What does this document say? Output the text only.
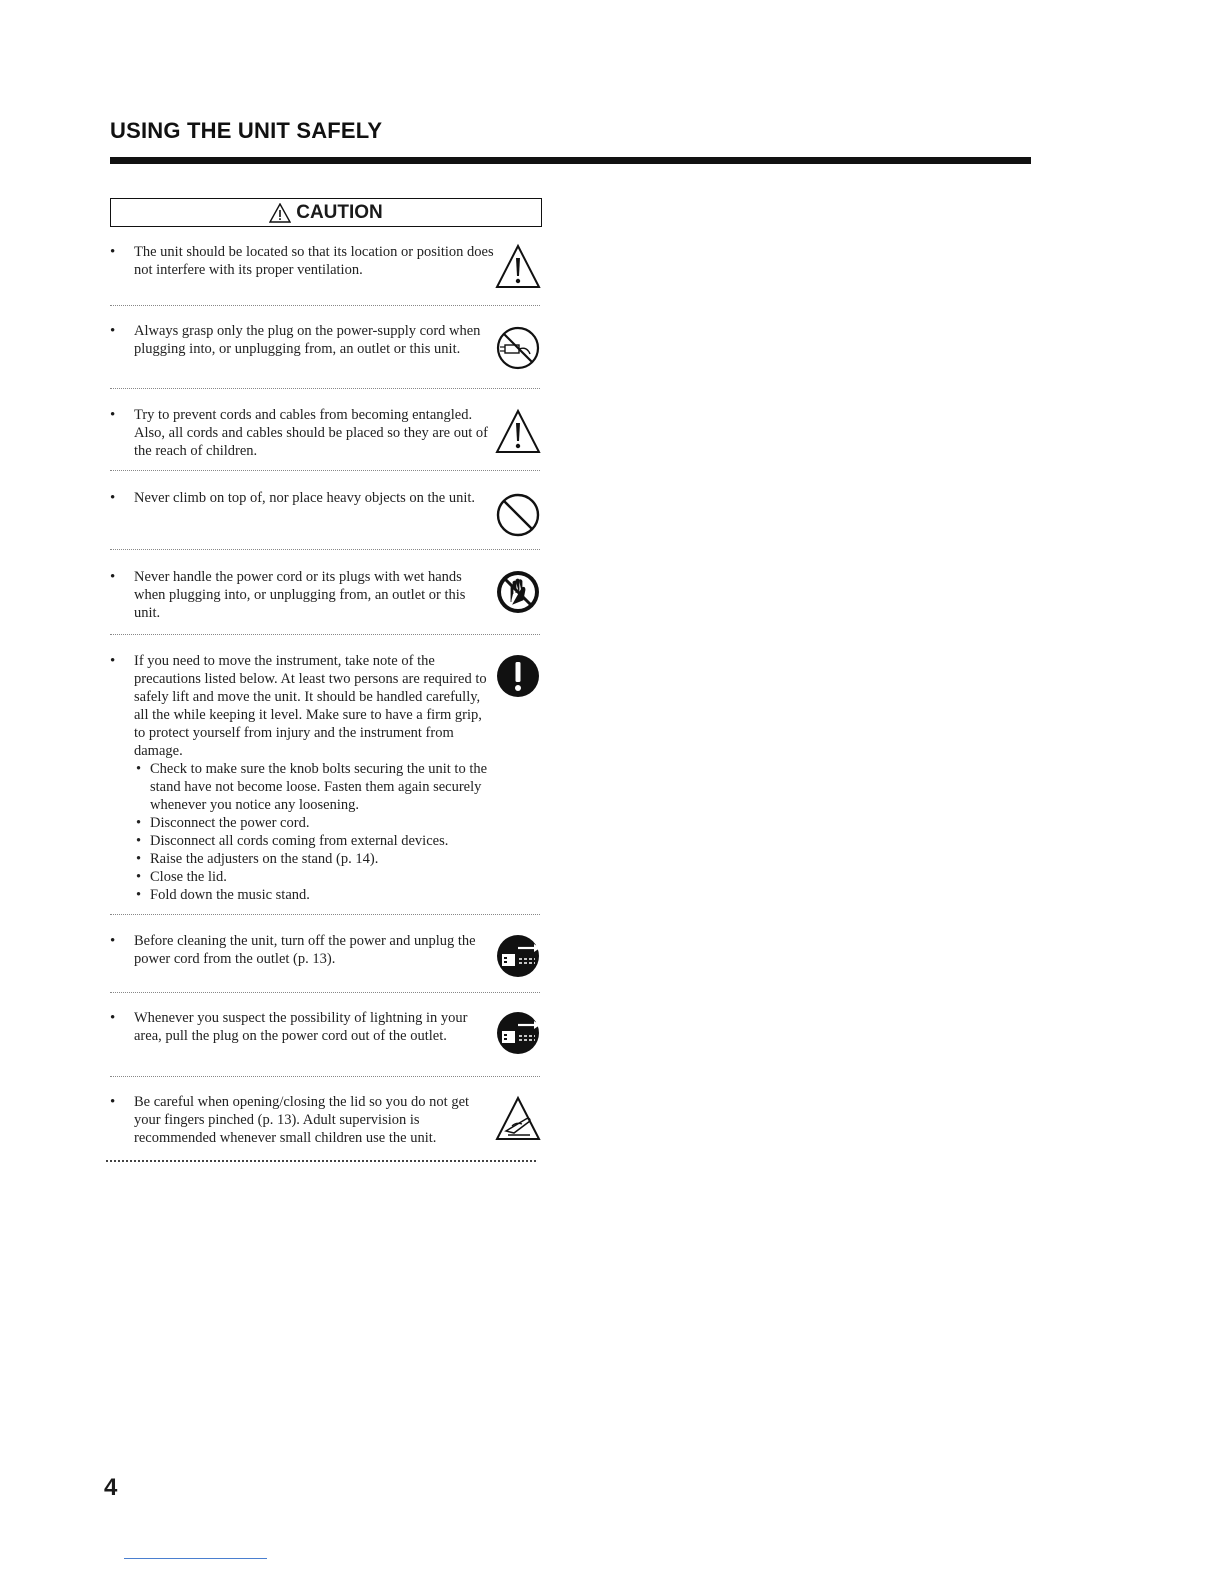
USING THE UNIT SAFELY
CAUTION
• The unit should be located so that its location or position does not interfere with its proper ventilation.
• Always grasp only the plug on the power-supply cord when plugging into, or unplugging from, an outlet or this unit.
• Try to prevent cords and cables from becoming entangled. Also, all cords and cables should be placed so they are out of the reach of children.
• Never climb on top of, nor place heavy objects on the unit.
• Never handle the power cord or its plugs with wet hands when plugging into, or unplugging from, an outlet or this unit.
• If you need to move the instrument, take note of the precautions listed below. At least two persons are required to safely lift and move the unit. It should be handled carefully, all the while keeping it level. Make sure to have a firm grip, to protect yourself from injury and the instrument from damage.
• Check to make sure the knob bolts securing the unit to the stand have not become loose. Fasten them again securely whenever you notice any loosening.
• Disconnect the power cord.
• Disconnect all cords coming from external devices.
• Raise the adjusters on the stand (p. 14).
• Close the lid.
• Fold down the music stand.
• Before cleaning the unit, turn off the power and unplug the power cord from the outlet (p. 13).
• Whenever you suspect the possibility of lightning in your area, pull the plug on the power cord out of the outlet.
• Be careful when opening/closing the lid so you do not get your fingers pinched (p. 13). Adult supervision is recommended whenever small children use the unit.
4
